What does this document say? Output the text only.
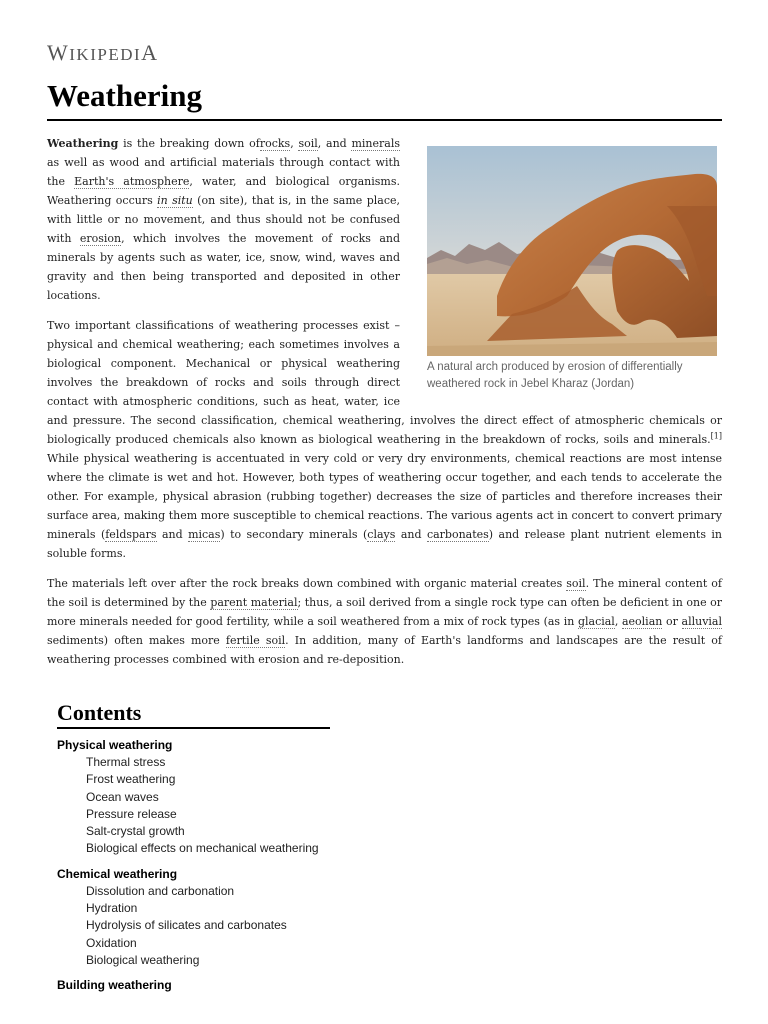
WIKIPEDIA
Weathering
A natural arch produced by erosion of differentially weathered rock in Jebel Kharaz (Jordan)

Weathering is the breaking down ofrocks, soil, and minerals as well as wood and artificial materials through contact with the Earth's atmosphere, water, and biological organisms. Weathering occurs in situ (on site), that is, in the same place, with little or no movement, and thus should not be confused with erosion, which involves the movement of rocks and minerals by agents such as water, ice, snow, wind, waves and gravity and then being transported and deposited in other locations.

Two important classifications of weathering processes exist – physical and chemical weathering; each sometimes involves a biological component. Mechanical or physical weathering involves the breakdown of rocks and soils through direct contact with atmospheric conditions, such as heat, water, ice and pressure. The second classification, chemical weathering, involves the direct effect of atmospheric chemicals or biologically produced chemicals also known as biological weathering in the breakdown of rocks, soils and minerals.[1] While physical weathering is accentuated in very cold or very dry environments, chemical reactions are most intense where the climate is wet and hot. However, both types of weathering occur together, and each tends to accelerate the other. For example, physical abrasion (rubbing together) decreases the size of particles and therefore increases their surface area, making them more susceptible to chemical reactions. The various agents act in concert to convert primary minerals (feldspars and micas) to secondary minerals (clays and carbonates) and release plant nutrient elements in soluble forms.

The materials left over after the rock breaks down combined with organic material creates soil. The mineral content of the soil is determined by the parent material; thus, a soil derived from a single rock type can often be deficient in one or more minerals needed for good fertility, while a soil weathered from a mix of rock types (as in glacial, aeolian or alluvial sediments) often makes more fertile soil. In addition, many of Earth's landforms and landscapes are the result of weathering processes combined with erosion and re-deposition.

Contents
Physical weathering
Thermal stress
Frost weathering
Ocean waves
Pressure release
Salt-crystal growth
Biological effects on mechanical weathering
Chemical weathering
Dissolution and carbonation
Hydration
Hydrolysis of silicates and carbonates
Oxidation
Biological weathering
Building weathering
